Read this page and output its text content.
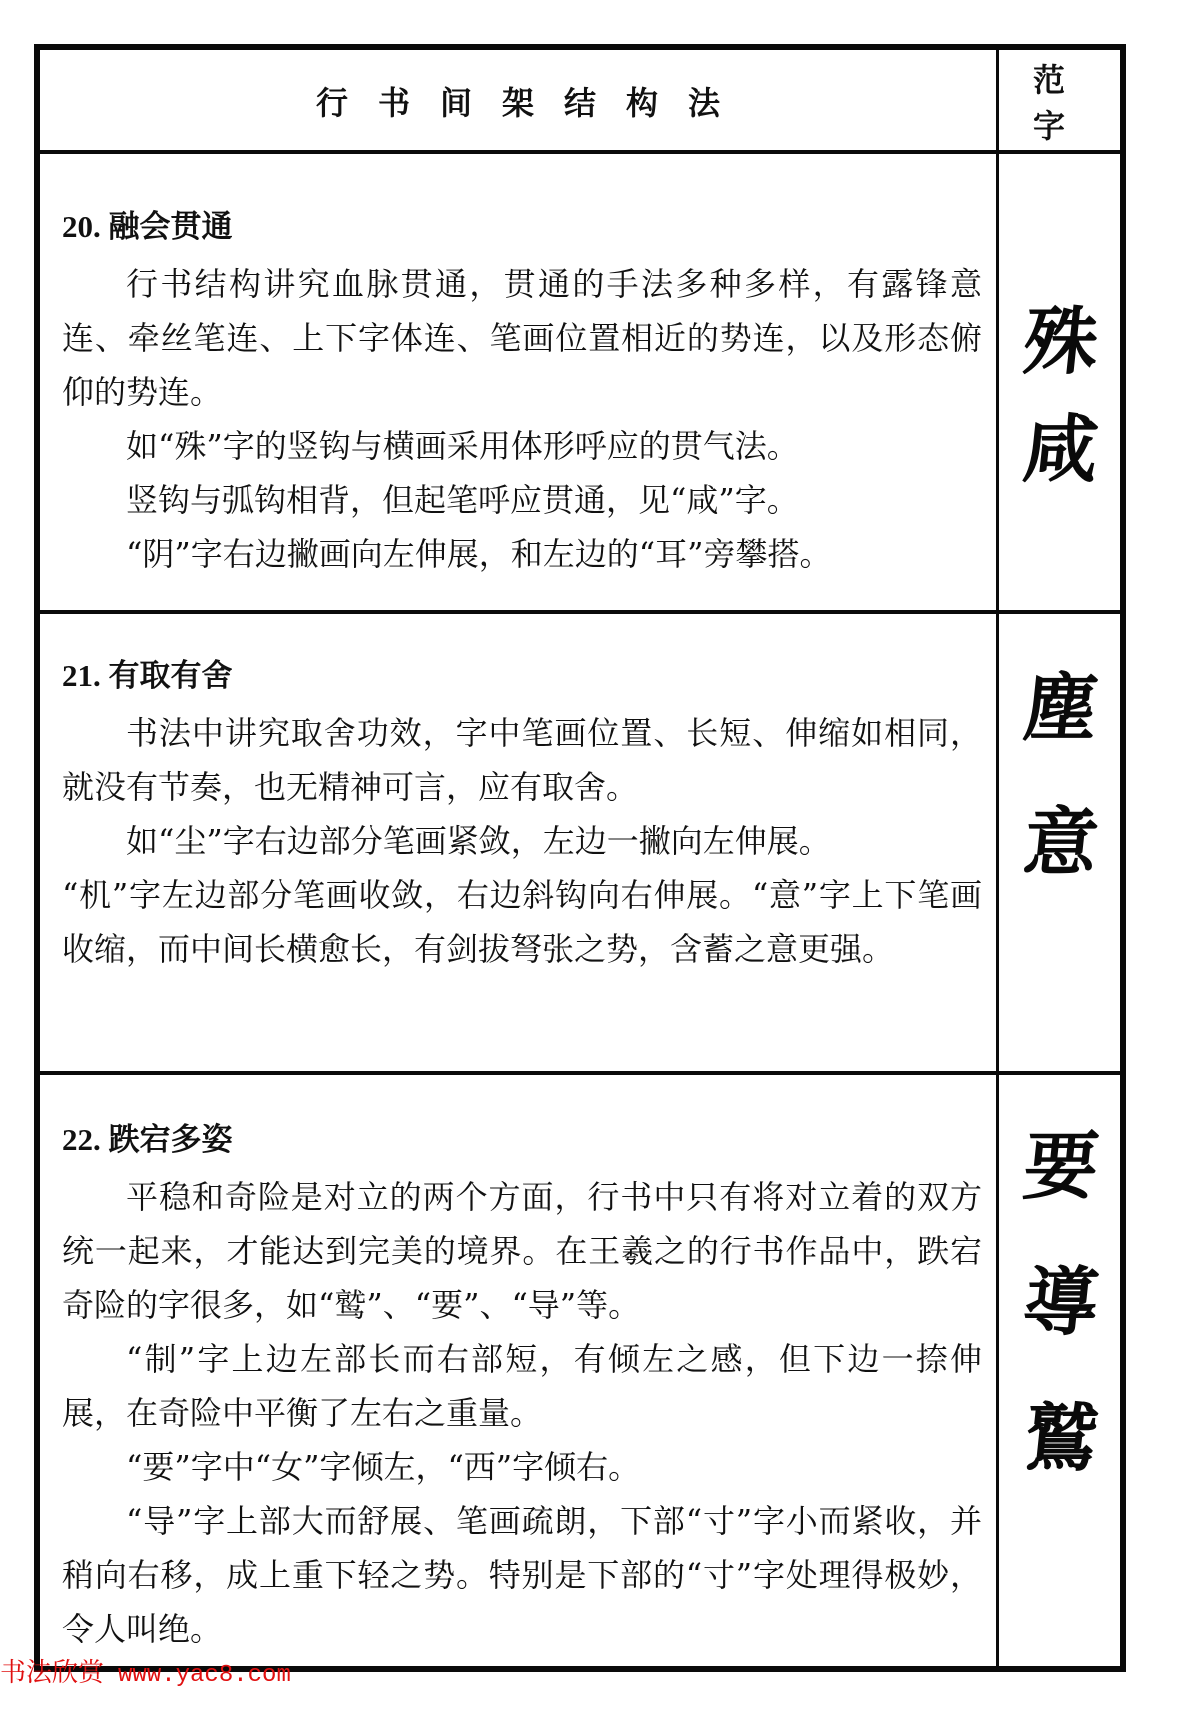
行书间架结构法
范字
20. 融会贯通

行书结构讲究血脉贯通，贯通的手法多种多样，有露锋意连、牵丝笔连、上下字体连、笔画位置相近的势连，以及形态俯仰的势连。

如“殊”字的竖钩与横画采用体形呼应的贯气法。

竖钩与弧钩相背，但起笔呼应贯通，见“咸”字。

“阴”字右边撇画向左伸展，和左边的“耳”旁攀搭。

殊
咸
21. 有取有舍

书法中讲究取舍功效，字中笔画位置、长短、伸缩如相同，就没有节奏，也无精神可言，应有取舍。

如“尘”字右边部分笔画紧敛，左边一撇向左伸展。

“机”字左边部分笔画收敛，右边斜钩向右伸展。“意”字上下笔画收缩，而中间长横愈长，有剑拔弩张之势，含蓄之意更强。

塵
意
22. 跌宕多姿

平稳和奇险是对立的两个方面，行书中只有将对立着的双方统一起来，才能达到完美的境界。在王羲之的行书作品中，跌宕奇险的字很多，如“鹫”、“要”、“导”等。

“制”字上边左部长而右部短，有倾左之感，但下边一捺伸展，在奇险中平衡了左右之重量。

“要”字中“女”字倾左，“西”字倾右。

“导”字上部大而舒展、笔画疏朗，下部“寸”字小而紧收，并稍向右移，成上重下轻之势。特别是下部的“寸”字处理得极妙，令人叫绝。

要
導
鷲
书法欣赏 www.yac8.com
